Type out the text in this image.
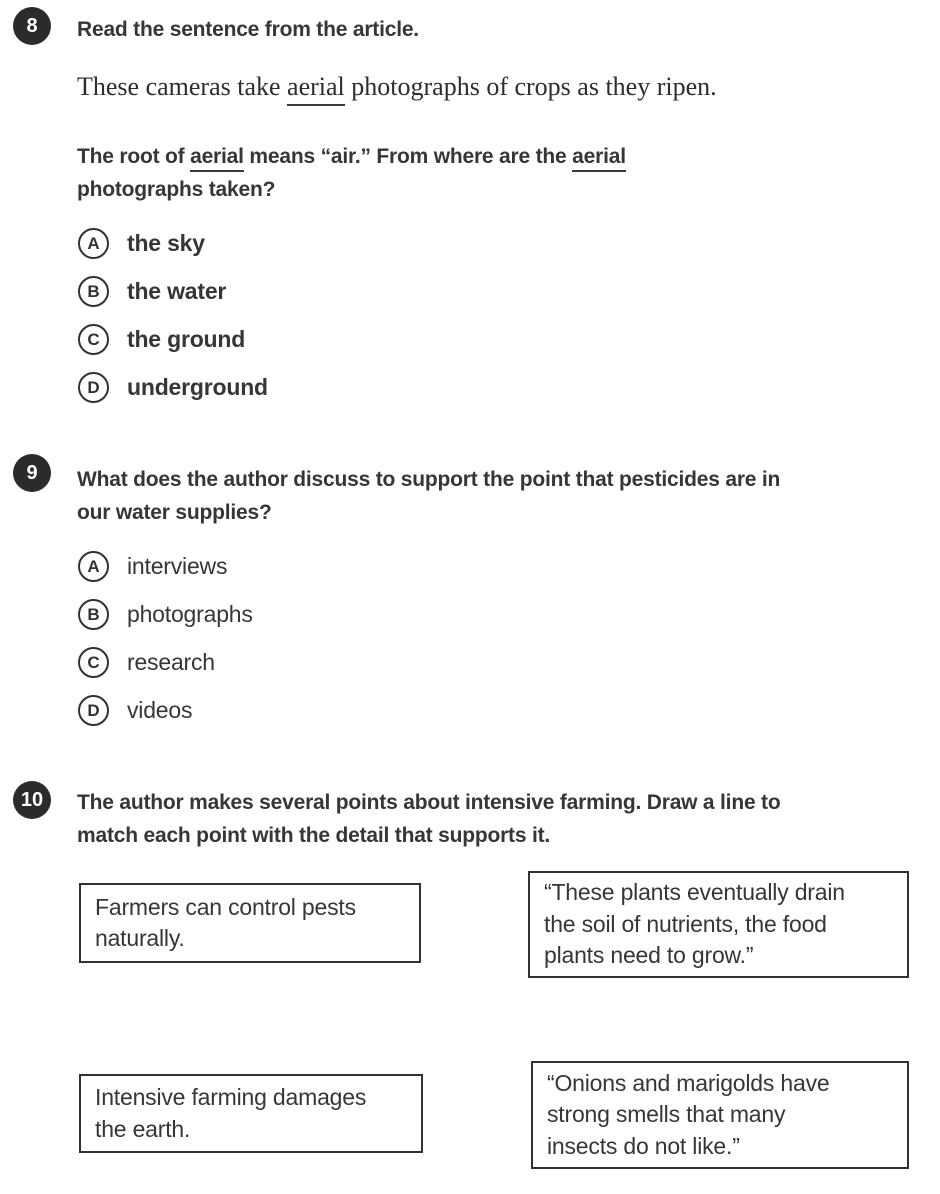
8	Read the sentence from the article.
These cameras take aerial photographs of crops as they ripen.
The root of aerial means “air.” From where are the aerial
photographs taken?
A	the sky
B	the water
C	the ground
D	underground
9	What does the author discuss to support the point that pesticides are in
our water supplies?
A	interviews
B	photographs
C	research
D	videos
10	The author makes several points about intensive farming. Draw a line to
match each point with the detail that supports it.
Farmers can control pests
naturally.
“These plants eventually drain
the soil of nutrients, the food
plants need to grow.”
Intensive farming damages
the earth.
“Onions and marigolds have
strong smells that many
insects do not like.”
